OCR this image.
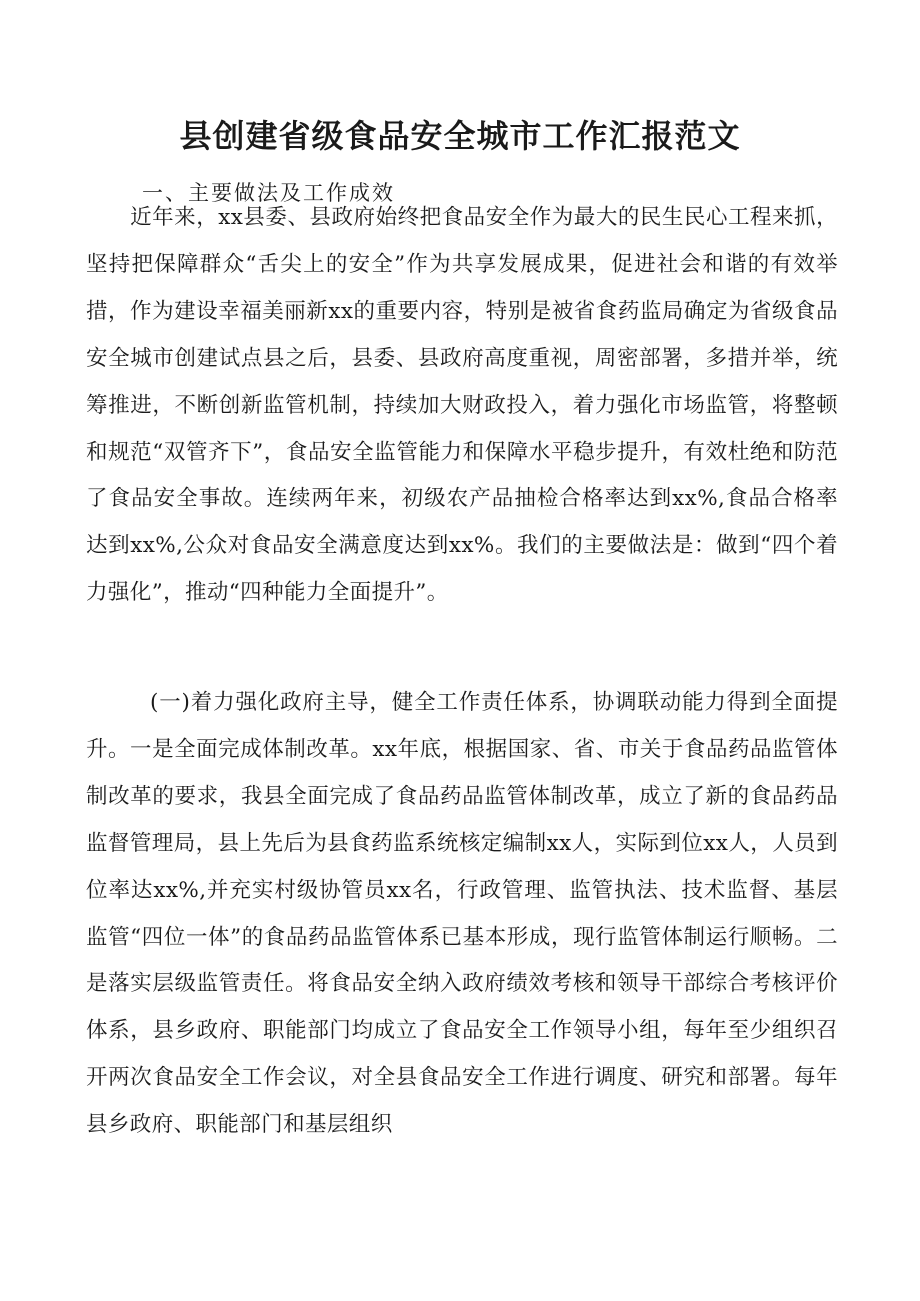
县创建省级食品安全城市工作汇报范文
一、主要做法及工作成效

近年来，xx县委、县政府始终把食品安全作为最大的民生民心工程来抓，坚持把保障群众“舌尖上的安全”作为共享发展成果，促进社会和谐的有效举措，作为建设幸福美丽新xx的重要内容，特别是被省食药监局确定为省级食品安全城市创建试点县之后，县委、县政府高度重视，周密部署，多措并举，统筹推进，不断创新监管机制，持续加大财政投入，着力强化市场监管，将整顿和规范“双管齐下”，食品安全监管能力和保障水平稳步提升，有效杜绝和防范了食品安全事故。连续两年来，初级农产品抽检合格率达到xx%,食品合格率达到xx%,公众对食品安全满意度达到xx%。我们的主要做法是：做到“四个着力强化”，推动“四种能力全面提升”。

(一)着力强化政府主导，健全工作责任体系，协调联动能力得到全面提升。一是全面完成体制改革。xx年底，根据国家、省、市关于食品药品监管体制改革的要求，我县全面完成了食品药品监管体制改革，成立了新的食品药品监督管理局，县上先后为县食药监系统核定编制xx人，实际到位xx人，人员到位率达xx%,并充实村级协管员xx名，行政管理、监管执法、技术监督、基层监管“四位一体”的食品药品监管体系已基本形成，现行监管体制运行顺畅。二是落实层级监管责任。将食品安全纳入政府绩效考核和领导干部综合考核评价体系，县乡政府、职能部门均成立了食品安全工作领导小组，每年至少组织召开两次食品安全工作会议，对全县食品安全工作进行调度、研究和部署。每年县乡政府、职能部门和基层组织
